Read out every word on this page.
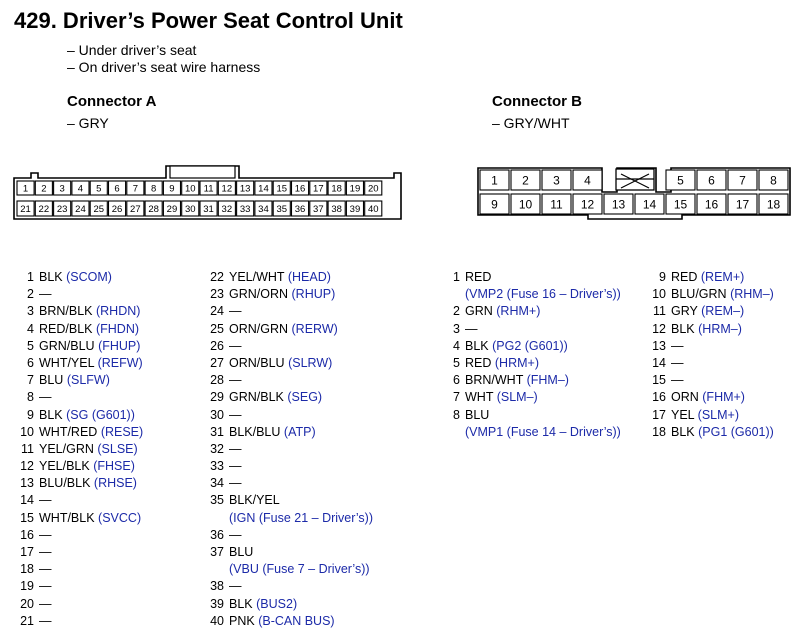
429. Driver’s Power Seat Control Unit
– Under driver’s seat
– On driver’s seat wire harness
Connector A
– GRY
Connector B
– GRY/WHT
1 2 3 4 5 6 7 8 9 10 11 12 13 14 15 16 17 18 19 20
21 22 23 24 25 26 27 28 29 30 31 32 33 34 35 36 37 38 39 40
1 2 3 4	5 6 7 8
9 10 11 12 13 14 15 16 17 18
1 BLK (SCOM)
2 —
3 BRN/BLK (RHDN)
4 RED/BLK (FHDN)
5 GRN/BLU (FHUP)
6 WHT/YEL (REFW)
7 BLU (SLFW)
8 —
9 BLK (SG (G601))
10 WHT/RED (RESE)
11 YEL/GRN (SLSE)
12 YEL/BLK (FHSE)
13 BLU/BLK (RHSE)
14 —
15 WHT/BLK (SVCC)
16 —
17 —
18 —
19 —
20 —
21 —
22 YEL/WHT (HEAD)
23 GRN/ORN (RHUP)
24 —
25 ORN/GRN (RERW)
26 —
27 ORN/BLU (SLRW)
28 —
29 GRN/BLK (SEG)
30 —
31 BLK/BLU (ATP)
32 —
33 —
34 —
35 BLK/YEL
(IGN (Fuse 21 – Driver’s))
36 —
37 BLU
(VBU (Fuse 7 – Driver’s))
38 —
39 BLK (BUS2)
40 PNK (B-CAN BUS)
1 RED
(VMP2 (Fuse 16 – Driver’s))
2 GRN (RHM+)
3 —
4 BLK (PG2 (G601))
5 RED (HRM+)
6 BRN/WHT (FHM–)
7 WHT (SLM–)
8 BLU
(VMP1 (Fuse 14 – Driver’s))
9 RED (REM+)
10 BLU/GRN (RHM–)
11 GRY (REM–)
12 BLK (HRM–)
13 —
14 —
15 —
16 ORN (FHM+)
17 YEL (SLM+)
18 BLK (PG1 (G601))
